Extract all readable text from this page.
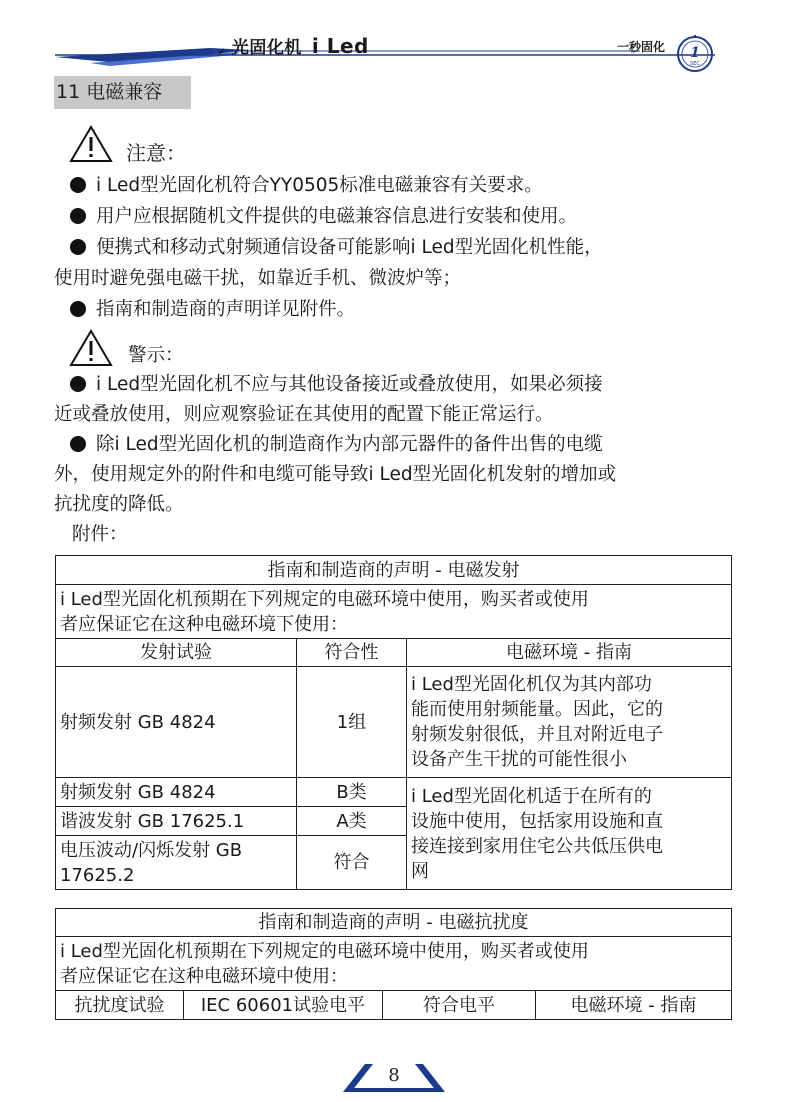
⸝ 光固化机 i Led	一秒固化 1
SEC
11 电磁兼容
注意：
i Led型光固化机符合YY0505标准电磁兼容有关要求。
用户应根据随机文件提供的电磁兼容信息进行安装和使用。
便携式和移动式射频通信设备可能影响i Led型光固化机性能，
使用时避免强电磁干扰，如靠近手机、微波炉等；
指南和制造商的声明详见附件。
警示：
i Led型光固化机不应与其他设备接近或叠放使用，如果必须接
近或叠放使用，则应观察验证在其使用的配置下能正常运行。
除i Led型光固化机的制造商作为内部元器件的备件出售的电缆
外，使用规定外的附件和电缆可能导致i Led型光固化机发射的增加或
抗扰度的降低。
附件：
指南和制造商的声明 - 电磁发射		

i Led型光固化机预期在下列规定的电磁环境中使用，购买者或使用
者应保证它在这种电磁环境下使用：		

发射试验	符合性	电磁环境 - 指南
射频发射 GB 4824	1组	i Led型光固化机仅为其内部功
能而使用射频能量。因此，它的
射频发射很低，并且对附近电子
设备产生干扰的可能性很小

射频发射 GB 4824	B类	i Led型光固化机适于在所有的
设施中使用，包括家用设施和直
接连接到家用住宅公共低压供电
网

谐波发射 GB 17625.1	A类	

电压波动/闪烁发射 GB
17625.2	符合	
指南和制造商的声明 - 电磁抗扰度

i Led型光固化机预期在下列规定的电磁环境中使用，购买者或使用
者应保证它在这种电磁环境中使用：

抗扰度试验	IEC 60601试验电平	符合电平	电磁环境 - 指南
8
